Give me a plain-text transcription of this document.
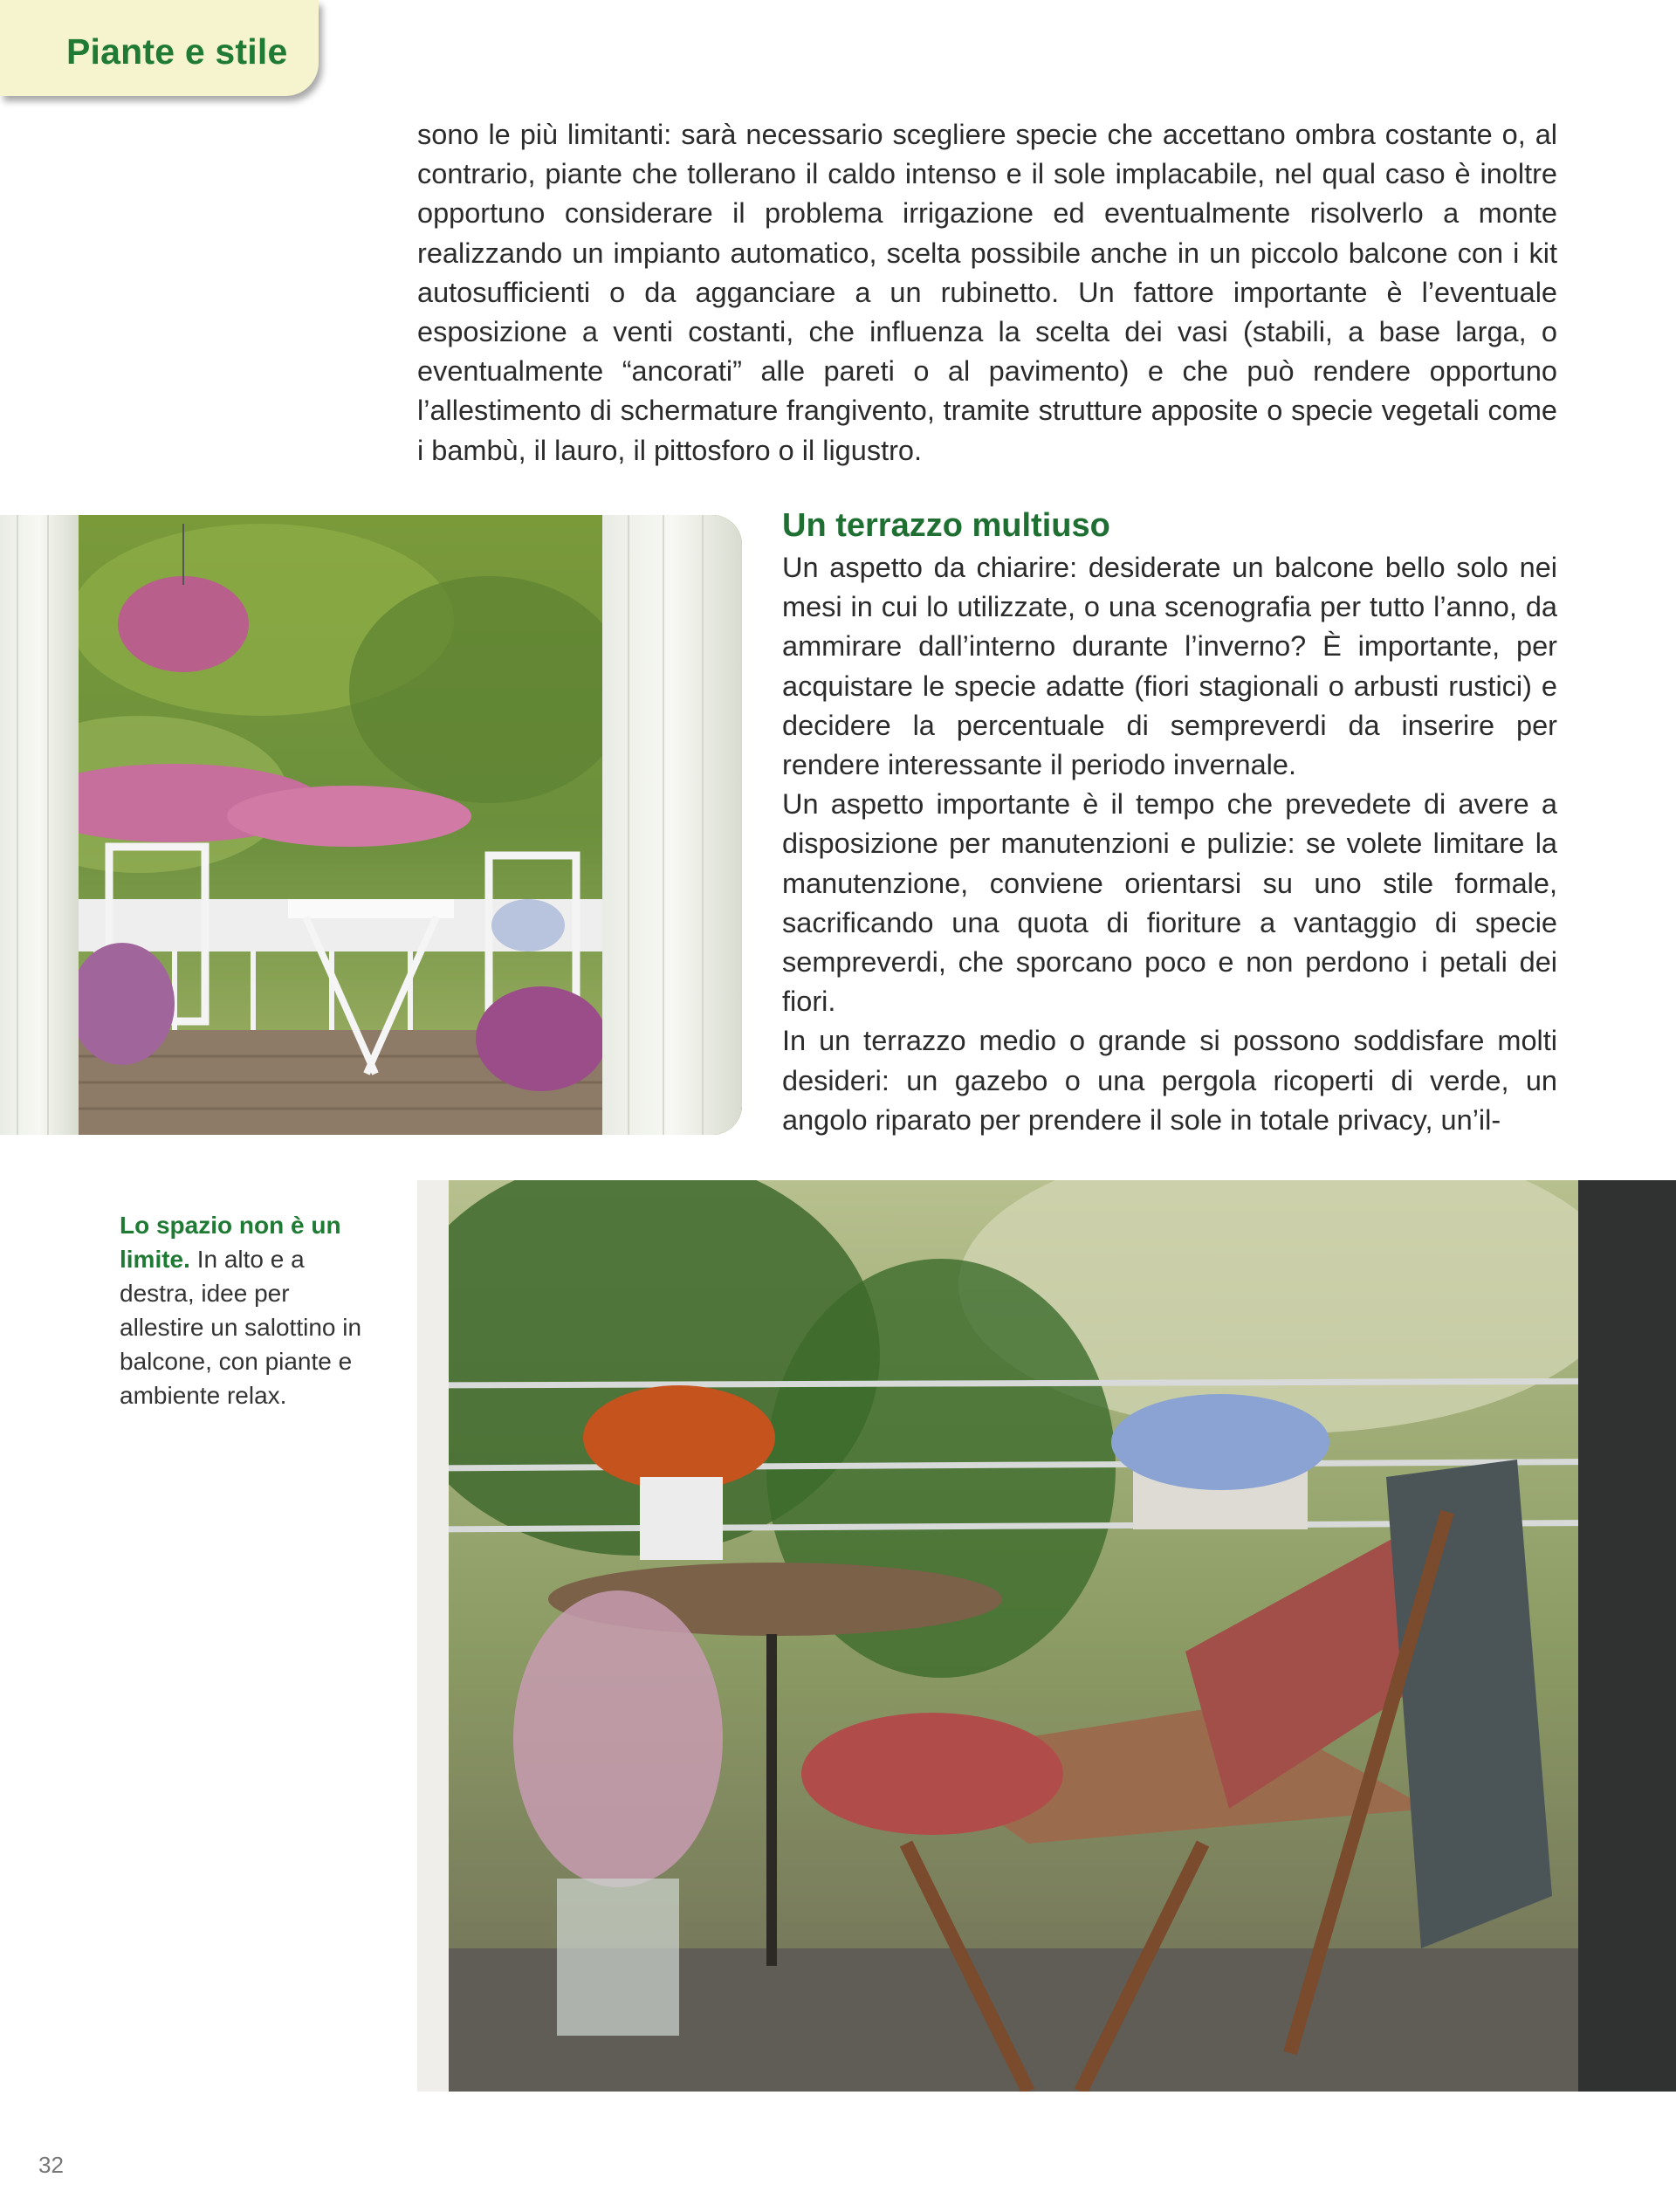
Piante e stile

sono le più limitanti: sarà necessario scegliere specie che accettano ombra costante o, al contrario, piante che tollerano il caldo intenso e il sole implacabile, nel qual caso è inoltre opportuno considerare il problema irrigazione ed eventualmente risolverlo a monte realizzando un impianto automatico, scelta possibile anche in un piccolo balcone con i kit autosufficienti o da agganciare a un rubinetto. Un fattore importante è l’eventuale esposizione a venti costanti, che influenza la scelta dei vasi (stabili, a base larga, o eventualmente “ancorati” alle pareti o al pavimento) e che può rendere opportuno l’allestimento di schermature frangivento, tramite strutture apposite o specie vegetali come i bambù, il lauro, il pittosforo o il ligustro.

Un terrazzo multiuso

Un aspetto da chiarire: desiderate un balcone bello solo nei mesi in cui lo utilizzate, o una scenografia per tutto l’anno, da ammirare dall’interno durante l’inverno? È importante, per acquistare le specie adatte (fiori stagionali o arbusti rustici) e decidere la percentuale di sempreverdi da inserire per rendere interessante il periodo invernale.

Un aspetto importante è il tempo che prevedete di avere a disposizione per manutenzioni e pulizie: se volete limitare la manutenzione, conviene orientarsi su uno stile formale, sacrificando una quota di fioriture a vantaggio di specie sempreverdi, che sporcano poco e non perdono i petali dei fiori.

In un terrazzo medio o grande si possono soddisfare molti desideri: un gazebo o una pergola ricoperti di verde, un angolo riparato per prendere il sole in totale privacy, un’il-

Lo spazio non è un limite. In alto e a destra, idee per allestire un salottino in balcone, con piante e ambiente relax.
32
